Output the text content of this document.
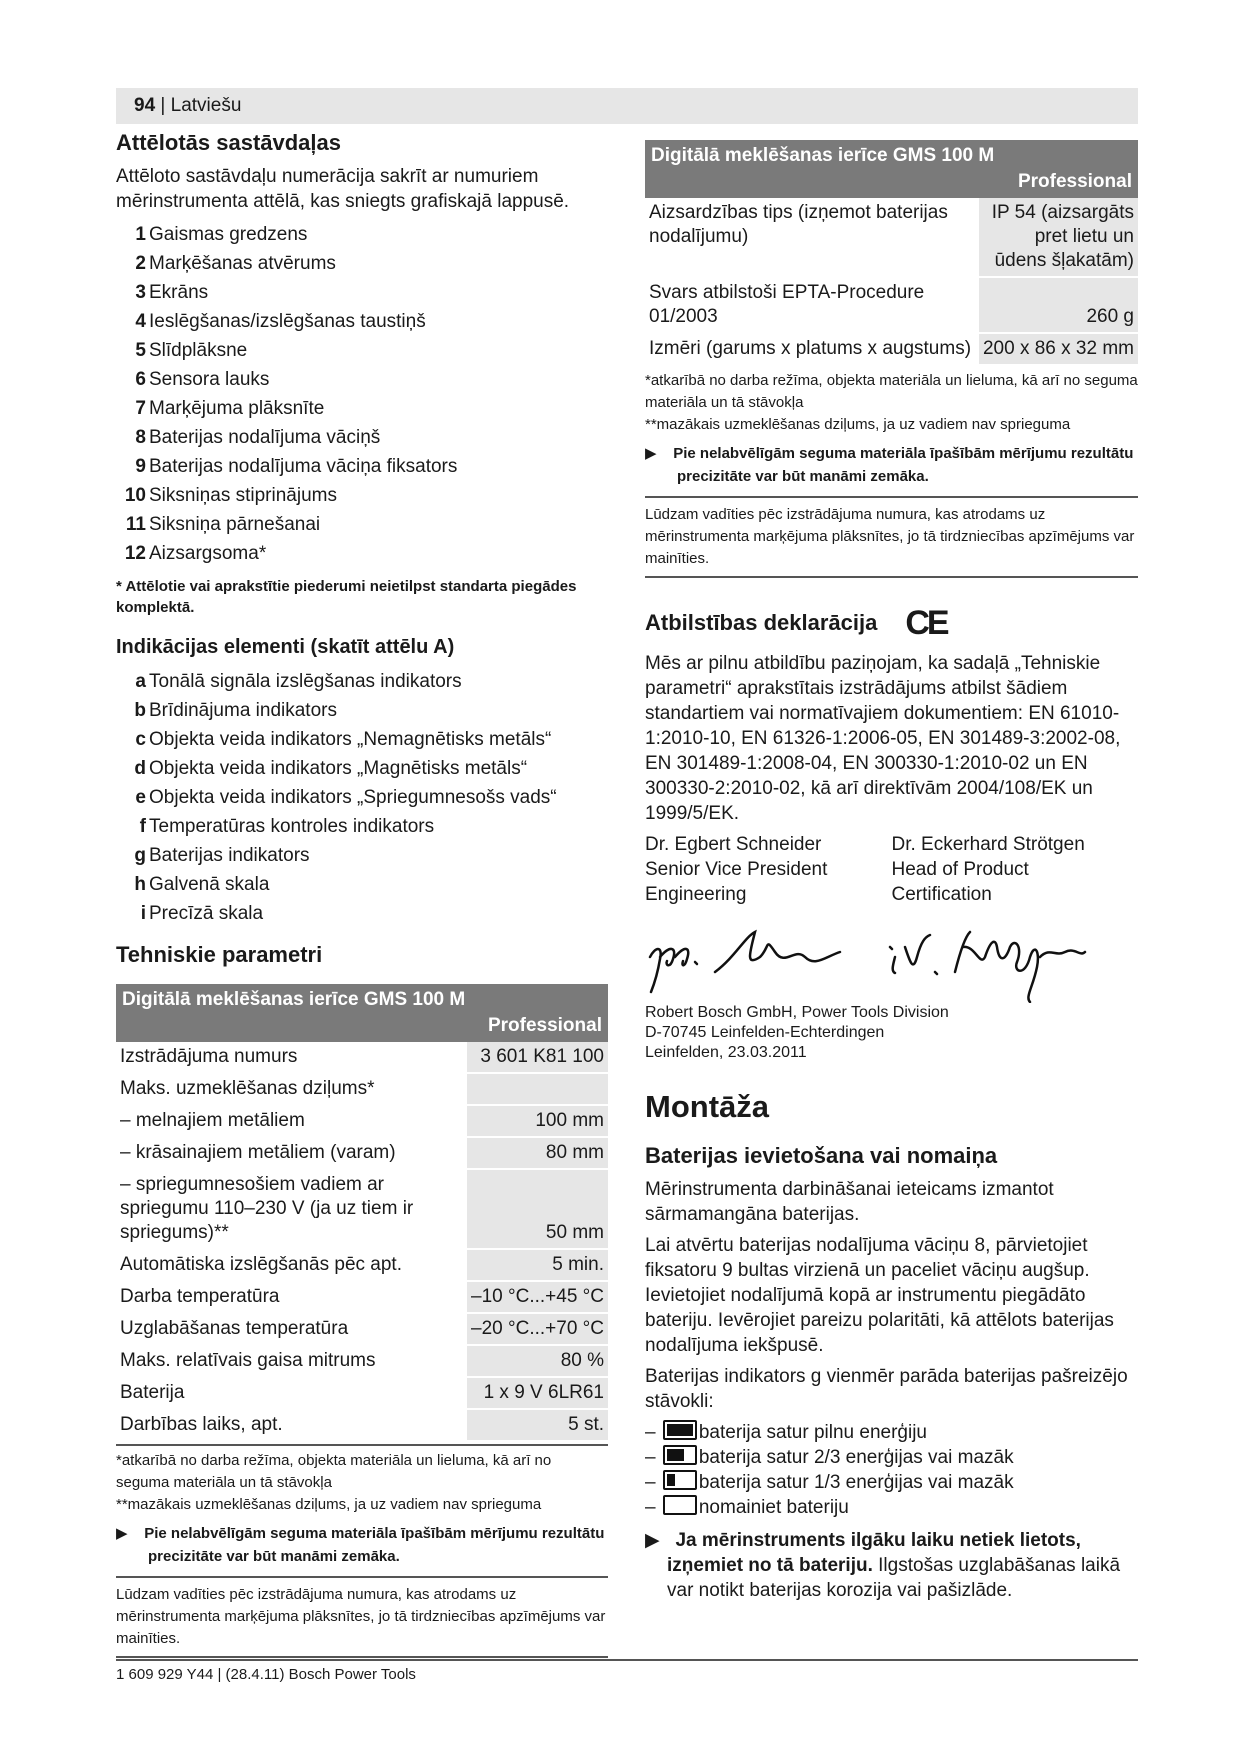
94 | Latviešu
Attēlotās sastāvdaļas

Attēloto sastāvdaļu numerācija sakrīt ar numuriem mērinstrumenta attēlā, kas sniegts grafiskajā lappusē.

1 Gaismas gredzens
2 Marķēšanas atvērums
3 Ekrāns
4 Ieslēgšanas/izslēgšanas taustiņš
5 Slīdplāksne
6 Sensora lauks
7 Marķējuma plāksnīte
8 Baterijas nodalījuma vāciņš
9 Baterijas nodalījuma vāciņa fiksators
10 Siksniņas stiprinājums
11 Siksniņa pārnešanai
12 Aizsargsoma*
* Attēlotie vai aprakstītie piederumi neietilpst standarta piegādes komplektā.
Indikācijas elementi (skatīt attēlu A)
a Tonālā signāla izslēgšanas indikators
b Brīdinājuma indikators
c Objekta veida indikators „Nemagnētisks metāls“
d Objekta veida indikators „Magnētisks metāls“
e Objekta veida indikators „Spriegumnesošs vads“
f Temperatūras kontroles indikators
g Baterijas indikators
h Galvenā skala
i Precīzā skala
Tehniskie parametri
Digitālā meklēšanas ierīce GMS 100 M
Professional	

Izstrādājuma numurs	3 601 K81 100
Maks. uzmeklēšanas dziļums*	
– melnajiem metāliem	100 mm
– krāsainajiem metāliem (varam)	80 mm
– spriegumnesošiem vadiem ar spriegumu 110–230 V (ja uz tiem ir spriegums)**	50 mm
Automātiska izslēgšanās pēc apt.	5 min.
Darba temperatūra	–10 °C...+45 °C
Uzglabāšanas temperatūra	–20 °C...+70 °C
Maks. relatīvais gaisa mitrums	80 %
Baterija	1 x 9 V 6LR61
Darbības laiks, apt.	5 st.

*atkarībā no darba režīma, objekta materiāla un lieluma, kā arī no seguma materiāla un tā stāvokļa

**mazākais uzmeklēšanas dziļums, ja uz vadiem nav sprieguma

▶    Pie nelabvēlīgām seguma materiāla īpašībām mērījumu rezultātu precizitāte var būt manāmi zemāka.
Lūdzam vadīties pēc izstrādājuma numura, kas atrodams uz mērinstrumenta marķējuma plāksnītes, jo tā tirdzniecības apzīmējums var mainīties.
Digitālā meklēšanas ierīce GMS 100 M
Professional	

Aizsardzības tips (izņemot baterijas nodalījumu)	IP 54 (aizsargāts pret lietu un ūdens šļakatām)
Svars atbilstoši EPTA-Procedure 01/2003	260 g
Izmēri (garums x platums x augstums)	200 x 86 x 32 mm

*atkarībā no darba režīma, objekta materiāla un lieluma, kā arī no seguma materiāla un tā stāvokļa

**mazākais uzmeklēšanas dziļums, ja uz vadiem nav sprieguma

▶    Pie nelabvēlīgām seguma materiāla īpašībām mērījumu rezultātu precizitāte var būt manāmi zemāka.
Lūdzam vadīties pēc izstrādājuma numura, kas atrodams uz mērinstrumenta marķējuma plāksnītes, jo tā tirdzniecības apzīmējums var mainīties.
Atbilstības deklarācija CE

Mēs ar pilnu atbildību paziņojam, ka sadaļā „Tehniskie parametri“ aprakstītais izstrādājums atbilst šādiem standartiem vai normatīvajiem dokumentiem: EN 61010-1:2010-10, EN 61326-1:2006-05, EN 301489-3:2002-08, EN 301489-1:2008-04, EN 300330-1:2010-02 un EN 300330-2:2010-02, kā arī direktīvām 2004/108/EK un 1999/5/EK.

Dr. Egbert Schneider
Senior Vice President
Engineering
Dr. Eckerhard Strötgen
Head of Product
Certification
Robert Bosch GmbH, Power Tools Division
D-70745 Leinfelden-Echterdingen
Leinfelden, 23.03.2011
Montāža
Baterijas ievietošana vai nomaiņa

Mērinstrumenta darbināšanai ieteicams izmantot sārmamangāna baterijas.

Lai atvērtu baterijas nodalījuma vāciņu 8, pārvietojiet fiksatoru 9 bultas virzienā un paceliet vāciņu augšup. Ievietojiet nodalījumā kopā ar instrumentu piegādāto bateriju. Ievērojiet pareizu polaritāti, kā attēlots baterijas nodalījuma iekšpusē.

Baterijas indikators g vienmēr parāda baterijas pašreizējo stāvokli:

– baterija satur pilnu enerģiju
– baterija satur 2/3 enerģijas vai mazāk
– baterija satur 1/3 enerģijas vai mazāk
– nomainiet bateriju

▶   Ja mērinstruments ilgāku laiku netiek lietots, izņemiet no tā bateriju. Ilgstošas uzglabāšanas laikā var notikt baterijas korozija vai pašizlāde.

1 609 929 Y44 | (28.4.11) Bosch Power Tools
